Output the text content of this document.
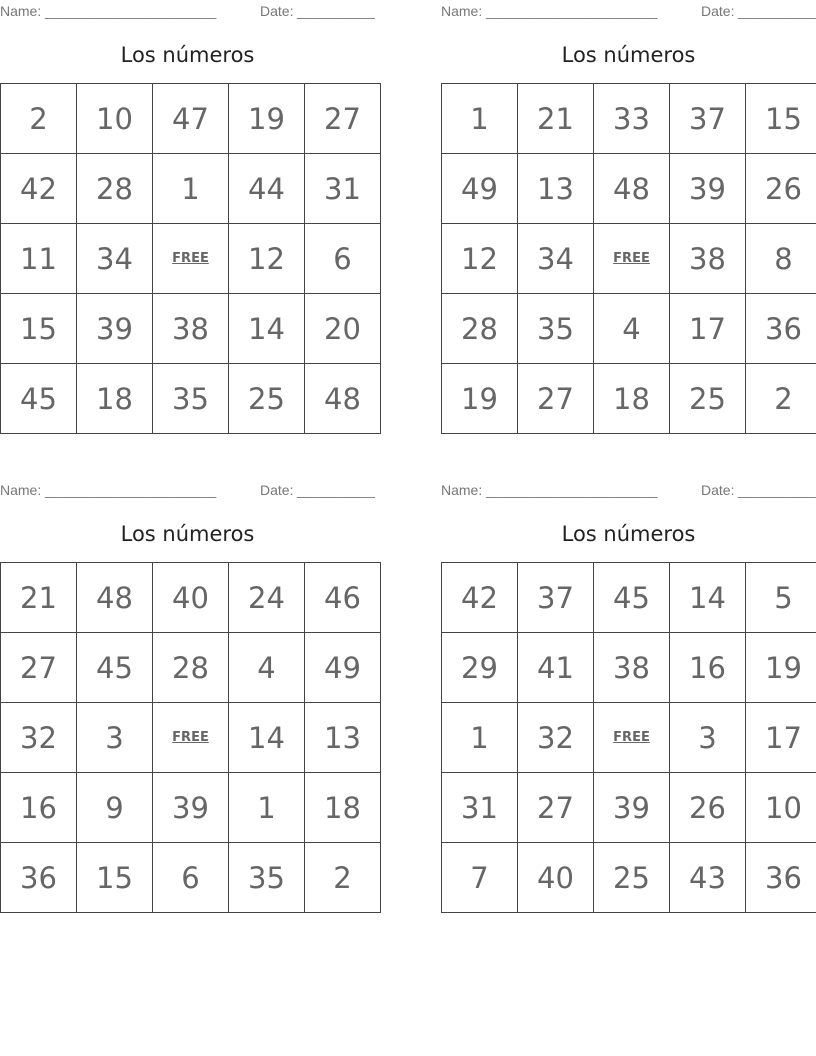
Name: ______________________	Date: __________
Los números
2	10	47	19	27
42	28	1	44	31
11	34	FREE	12	6
15	39	38	14	20
45	18	35	25	48
Name: ______________________	Date: __________
Los números
1	21	33	37	15
49	13	48	39	26
12	34	FREE	38	8
28	35	4	17	36
19	27	18	25	2
Name: ______________________	Date: __________
Los números
21	48	40	24	46
27	45	28	4	49
32	3	FREE	14	13
16	9	39	1	18
36	15	6	35	2
Name: ______________________	Date: __________
Los números
42	37	45	14	5
29	41	38	16	19
1	32	FREE	3	17
31	27	39	26	10
7	40	25	43	36
